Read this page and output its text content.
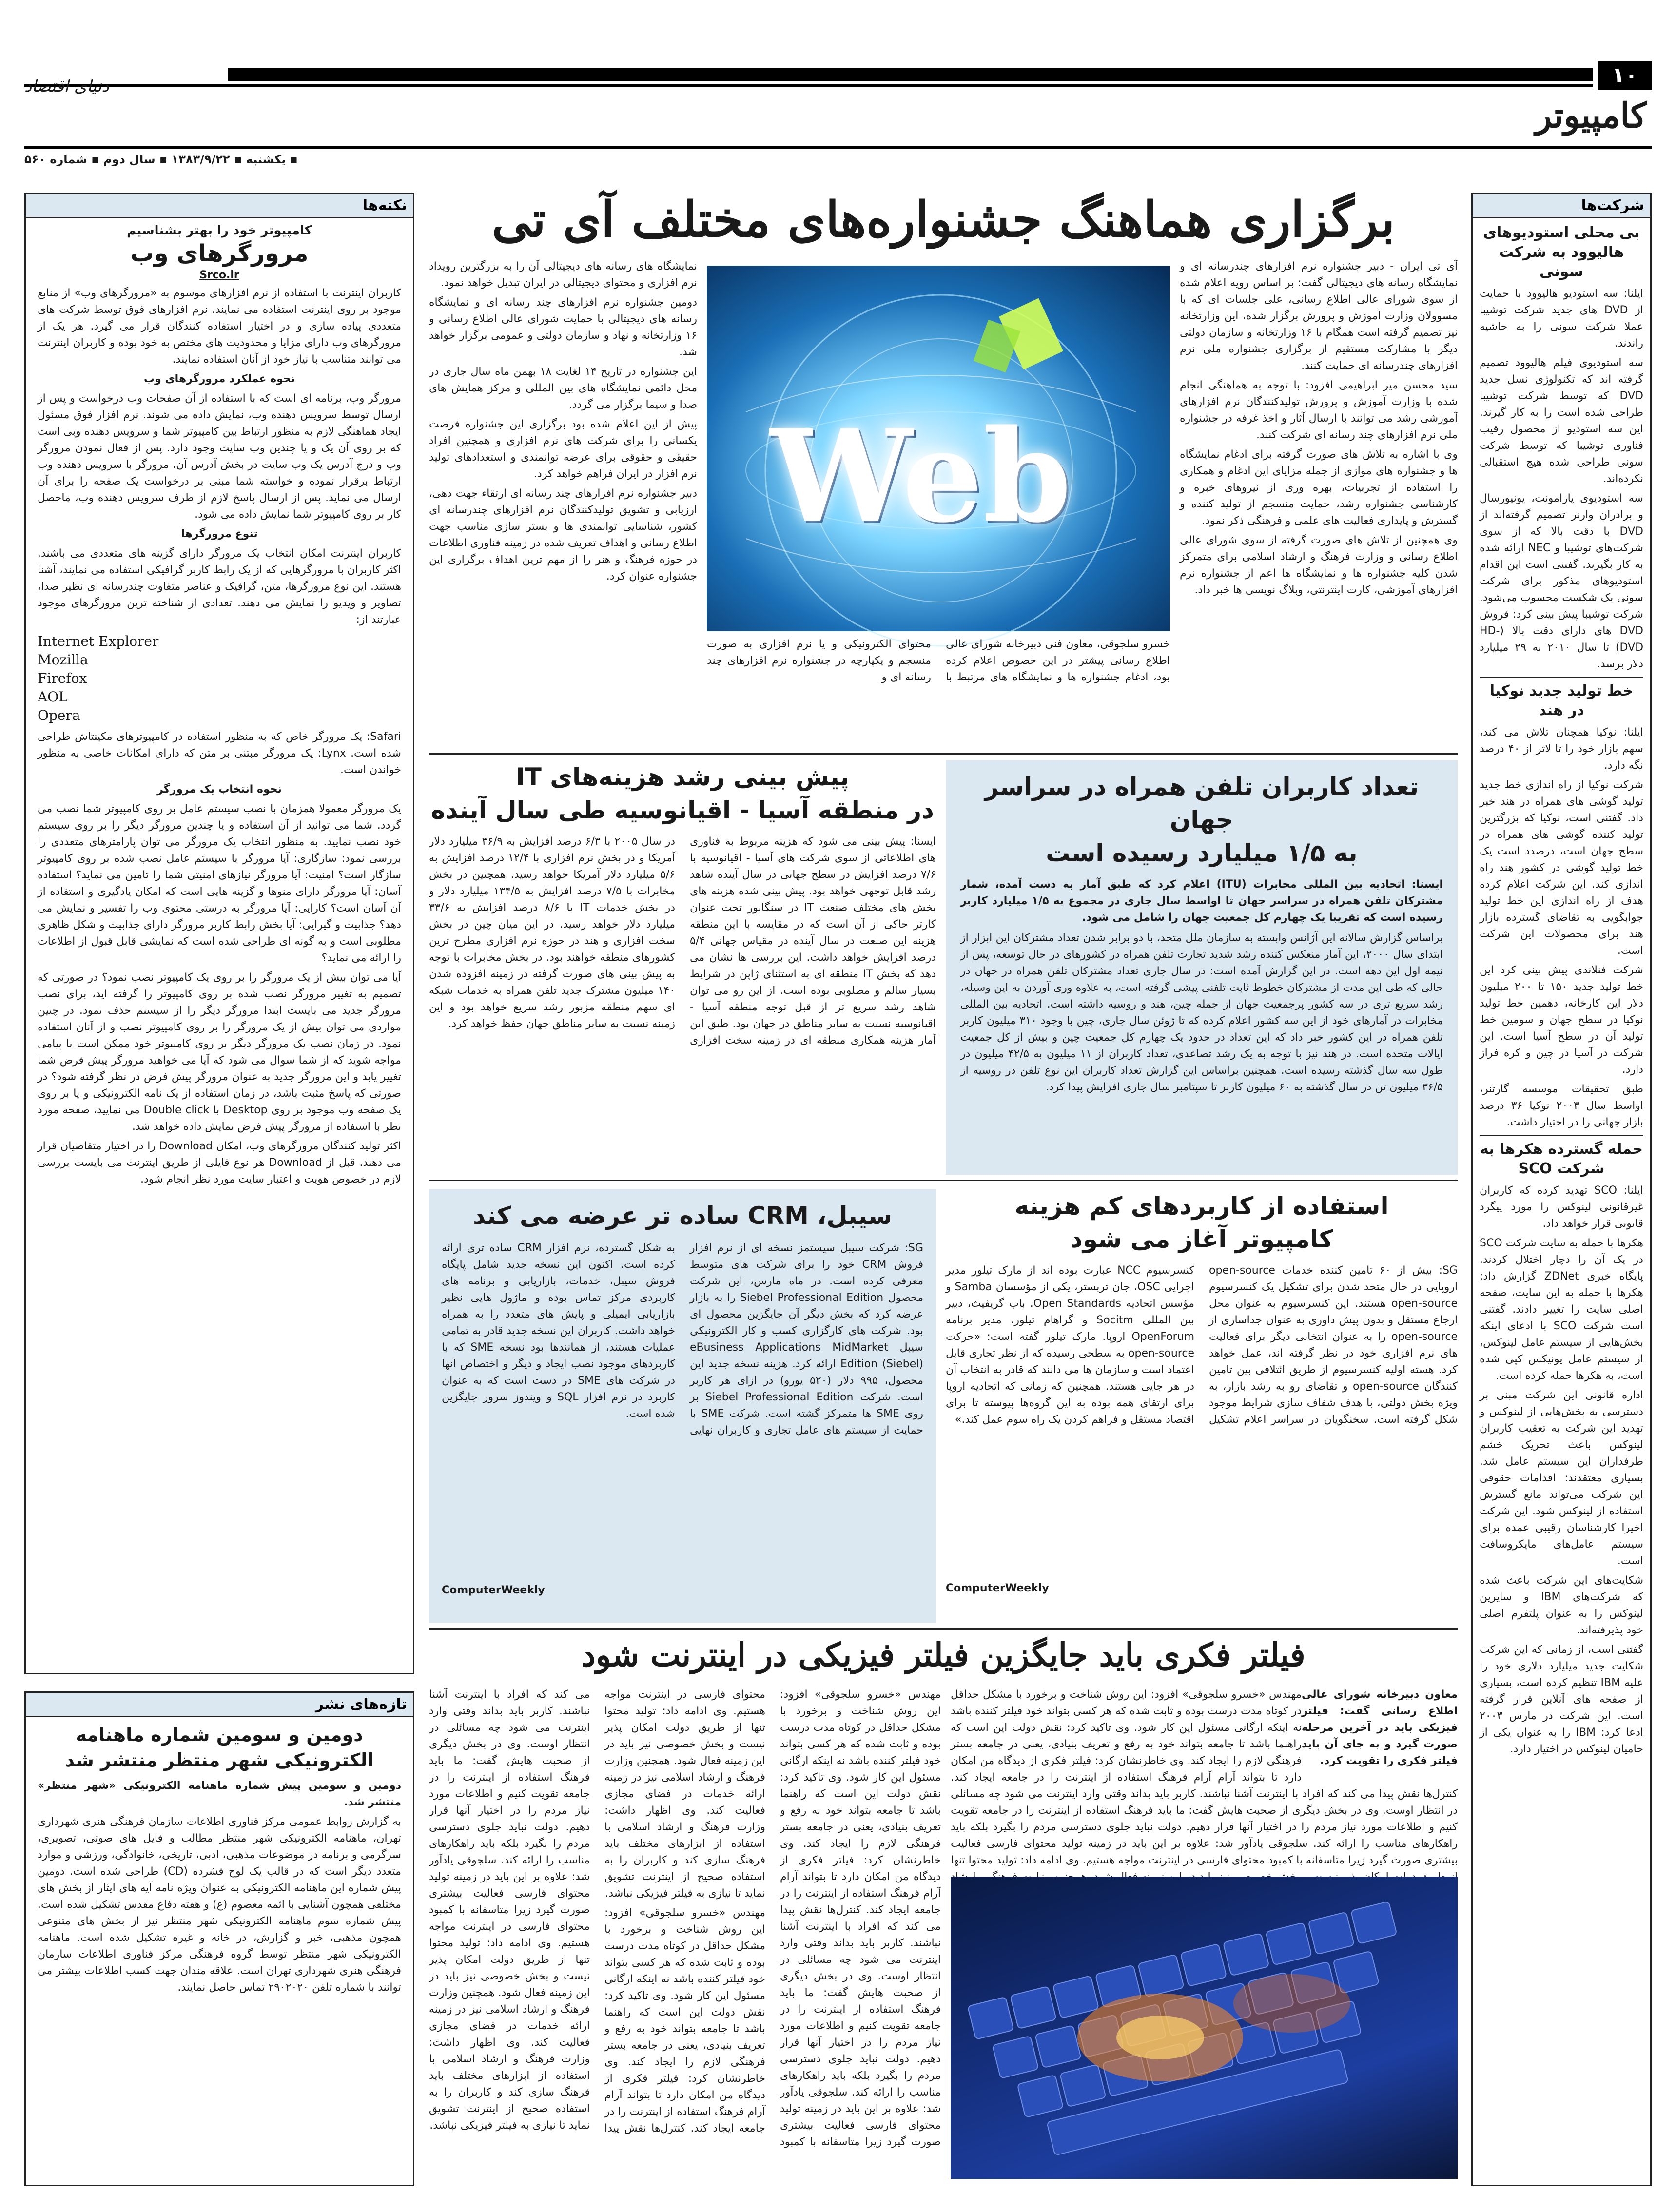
۱۰
کامپیوتر
دنیای اقتصاد
▪ یکشنبه ▪ ۱۳۸۳/۹/۲۲ ▪ سال دوم ▪ شماره ۵۶۰
شرکت‌ها
بی محلی استودیوهای هالیوود به شرکت سونی

ایلنا: سه استودیو هالیوود با حمایت از DVD های جدید شرکت توشیبا عملا شرکت سونی را به حاشیه راندند.

سه استودیوی فیلم هالیوود تصمیم گرفته اند که تکنولوژی نسل جدید DVD که توسط شرکت توشیبا طراحی شده است را به کار گیرند. این سه استودیو از محصول رقیب فناوری توشیبا که توسط شرکت سونی طراحی شده هیچ استقبالی نکرده‌اند.

سه استودیوی پارامونت، یونیورسال و برادران وارنر تصمیم گرفته‌اند از DVD با دقت بالا که از سوی شرکت‌های توشیبا و NEC ارائه شده به کار بگیرند. گفتنی است این اقدام استودیوهای مذکور برای شرکت سونی یک شکست محسوب می‌شود. شرکت توشیبا پیش بینی کرد: فروش DVD های دارای دقت بالا (HD-DVD) تا سال ۲۰۱۰ به ۲۹ میلیارد دلار برسد.

خط تولید جدید نوکیا در هند

ایلنا: نوکیا همچنان تلاش می کند، سهم بازار خود را تا لاتر از ۴۰ درصد نگه دارد.

شرکت نوکیا از راه اندازی خط جدید تولید گوشی های همراه در هند خبر داد. گفتنی است، نوکیا که بزرگترین تولید کننده گوشی های همراه در سطح جهان است، درصدد است یک خط تولید گوشی در کشور هند راه اندازی کند. این شرکت اعلام کرده هدف از راه اندازی این خط تولید جوابگویی به تقاضای گسترده بازار هند برای محصولات این شرکت است.

شرکت فنلاندی پیش بینی کرد این خط تولید جدید ۱۵۰ تا ۲۰۰ میلیون دلار این کارخانه، دهمین خط تولید نوکیا در سطح جهان و سومین خط تولید آن در سطح آسیا است. این شرکت در آسیا در چین و کره فراز دارد.

طبق تحقیقات موسسه گارتنر، اواسط سال ۲۰۰۳ نوکیا ۳۶ درصد بازار جهانی را در اختیار داشت.

حمله گسترده هکرها به شرکت SCO

ایلنا: SCO تهدید کرده که کاربران غیرقانونی لینوکس را مورد پیگرد قانونی قرار خواهد داد.

هکرها با حمله به سایت شرکت SCO در یک آن را دچار اختلال کردند. پایگاه خبری ZDNet گزارش داد: هکرها با حمله به این سایت، صفحه اصلی سایت را تغییر دادند. گفتنی است شرکت SCO با ادعای اینکه بخش‌هایی از سیستم عامل لینوکس، از سیستم عامل یونیکس کپی شده است، به هکرها حمله کرده است.

اداره قانونی این شرکت مبنی بر دسترسی به بخش‌هایی از لینوکس و تهدید این شرکت به تعقیب کاربران لینوکس باعث تحریک خشم طرفداران این سیستم عامل شد. بسیاری معتقدند: اقدامات حقوقی این شرکت می‌تواند مانع گسترش استفاده از لینوکس شود. این شرکت اخیرا کارشناسان رقیبی عمده برای سیستم عامل‌های مایکروسافت است.

شکایت‌های این شرکت باعث شده که شرکت‌های IBM و سایرین لینوکس را به عنوان پلتفرم اصلی خود پذیرفته‌اند.

گفتنی است، از زمانی که این شرکت شکایت جدید میلیارد دلاری خود را علیه IBM تنظیم کرده است، بسیاری از صفحه های آنلاین قرار گرفته است. این شرکت در مارس ۲۰۰۳ ادعا کرد: IBM را به عنوان یکی از حامیان لینوکس در اختیار دارد.

نکته‌ها
کامپیوتر خود را بهتر بشناسیم
مرورگرهای وب
Srco.ir

کاربران اینترنت با استفاده از نرم افزارهای موسوم به «مرورگرهای وب» از منابع موجود بر روی اینترنت استفاده می نمایند. نرم افزارهای فوق توسط شرکت های متعددی پیاده سازی و در اختیار استفاده کنندگان قرار می گیرد. هر یک از مرورگرهای وب دارای مزایا و محدودیت های مختص به خود بوده و کاربران اینترنت می توانند متناسب با نیاز خود از آنان استفاده نمایند.

نحوه عملکرد مرورگرهای وب

مرورگر وب، برنامه ای است که با استفاده از آن صفحات وب درخواست و پس از ارسال توسط سرویس دهنده وب، نمایش داده می شوند. نرم افزار فوق مسئول ایجاد هماهنگی لازم به منظور ارتباط بین کامپیوتر شما و سرویس دهنده وبی است که بر روی آن یک و یا چندین وب سایت وجود دارد. پس از فعال نمودن مرورگر وب و درج آدرس یک وب سایت در بخش آدرس آن، مرورگر با سرویس دهنده وب ارتباط برقرار نموده و خواسته شما مبنی بر درخواست یک صفحه را برای آن ارسال می نماید. پس از ارسال پاسخ لازم از طرف سرویس دهنده وب، ماحصل کار بر روی کامپیوتر شما نمایش داده می شود.

تنوع مرورگرها

کاربران اینترنت امکان انتخاب یک مرورگر دارای گزینه های متعددی می باشند. اکثر کاربران با مرورگرهایی که از یک رابط کاربر گرافیکی استفاده می نمایند، آشنا هستند. این نوع مرورگرها، متن، گرافیک و عناصر متفاوت چندرسانه ای نظیر صدا، تصاویر و ویدیو را نمایش می دهند. تعدادی از شناخته ترین مرورگرهای موجود عبارتند از:

Internet Explorer
Mozilla
Firefox
AOL
Opera

Safari: یک مرورگر خاص که به منظور استفاده در کامپیوترهای مکینتاش طراحی شده است. Lynx: یک مرورگر مبتنی بر متن که دارای امکانات خاصی به منظور خواندن است.

نحوه انتخاب یک مرورگر

یک مرورگر معمولا همزمان با نصب سیستم عامل بر روی کامپیوتر شما نصب می گردد. شما می توانید از آن استفاده و یا چندین مرورگر دیگر را بر روی سیستم خود نصب نمایید. به منظور انتخاب یک مرورگر می توان پارامترهای متعددی را بررسی نمود: سازگاری: آیا مرورگر با سیستم عامل نصب شده بر روی کامپیوتر سازگار است؟ امنیت: آیا مرورگر نیازهای امنیتی شما را تامین می نماید؟ استفاده آسان: آیا مرورگر دارای منوها و گزینه هایی است که امکان یادگیری و استفاده از آن آسان است؟ کارایی: آیا مرورگر به درستی محتوی وب را تفسیر و نمایش می دهد؟ جذابیت و گیرایی: آیا بخش رابط کاربر مرورگر دارای جذابیت و شکل ظاهری مطلوبی است و به گونه ای طراحی شده است که نمایشی قابل قبول از اطلاعات را ارائه می نماید؟

آیا می توان بیش از یک مرورگر را بر روی یک کامپیوتر نصب نمود؟ در صورتی که تصمیم به تغییر مرورگر نصب شده بر روی کامپیوتر را گرفته اید، برای نصب مرورگر جدید می بایست ابتدا مرورگر دیگر را از سیستم حذف نمود. در چنین مواردی می توان بیش از یک مرورگر را بر روی کامپیوتر نصب و از آنان استفاده نمود. در زمان نصب یک مرورگر دیگر بر روی کامپیوتر خود ممکن است با پیامی مواجه شوید که از شما سوال می شود که آیا می خواهید مرورگر پیش فرض شما تغییر یابد و این مرورگر جدید به عنوان مرورگر پیش فرض در نظر گرفته شود؟ در صورتی که پاسخ مثبت باشد، در زمان استفاده از یک نامه الکترونیکی و یا بر روی یک صفحه وب موجود بر روی Desktop با Double click می نمایید، صفحه مورد نظر با استفاده از مرورگر پیش فرض نمایش داده خواهد شد.

اکثر تولید کنندگان مرورگرهای وب، امکان Download را در اختیار متقاضیان قرار می دهند. قبل از Download هر نوع فایلی از طریق اینترنت می بایست بررسی لازم در خصوص هویت و اعتبار سایت مورد نظر انجام شود.

تازه‌های نشر
دومین و سومین شماره ماهنامه الکترونیکی شهر منتظر منتشر شد

دومین و سومین پیش شماره ماهنامه الکترونیکی «شهر منتظر» منتشر شد.

به گزارش روابط عمومی مرکز فناوری اطلاعات سازمان فرهنگی هنری شهرداری تهران، ماهنامه الکترونیکی شهر منتظر مطالب و فایل های صوتی، تصویری، سرگرمی و برنامه در موضوعات مذهبی، ادبی، تاریخی، خانوادگی، ورزشی و موارد متعدد دیگر است که در قالب یک لوح فشرده (CD) طراحی شده است. دومین پیش شماره این ماهنامه الکترونیکی به عنوان ویژه نامه آیه های ایثار از بخش های مختلفی همچون آشنایی با ائمه معصوم (ع) و هفته دفاع مقدس تشکیل شده است. پیش شماره سوم ماهنامه الکترونیکی شهر منتظر نیز از بخش های متنوعی همچون مذهبی، خبر و گزارش، در خانه و غیره تشکیل شده است. ماهنامه الکترونیکی شهر منتظر توسط گروه فرهنگی مرکز فناوری اطلاعات سازمان فرهنگی هنری شهرداری تهران است. علاقه مندان جهت کسب اطلاعات بیشتر می توانند با شماره تلفن ۲۹۰۲۰۲۰ تماس حاصل نمایند.

برگزاری هماهنگ جشنواره‌های مختلف آی تی

آی تی ایران - دبیر جشنواره نرم افزارهای چندرسانه ای و نمایشگاه رسانه های دیجیتالی گفت: بر اساس رویه اعلام شده از سوی شورای عالی اطلاع رسانی، علی جلسات ای که با مسوولان وزارت آموزش و پرورش برگزار شده، این وزارتخانه نیز تصمیم گرفته است همگام با ۱۶ وزارتخانه و سازمان دولتی دیگر با مشارکت مستقیم از برگزاری جشنواره ملی نرم افزارهای چندرسانه ای حمایت کنند.

سید محسن میر ابراهیمی افزود: با توجه به هماهنگی انجام شده با وزارت آموزش و پرورش تولیدکنندگان نرم افزارهای آموزشی رشد می توانند با ارسال آثار و اخذ غرفه در جشنواره ملی نرم افزارهای چند رسانه ای شرکت کنند.

وی با اشاره به تلاش های صورت گرفته برای ادغام نمایشگاه ها و جشنواره های موازی از جمله مزایای این ادغام و همکاری را استفاده از تجربیات، بهره وری از نیروهای خبره و کارشناسی جشنواره رشد، حمایت منسجم از تولید کننده و گسترش و پایداری فعالیت های علمی و فرهنگی ذکر نمود.

وی همچنین از تلاش های صورت گرفته از سوی شورای عالی اطلاع رسانی و وزارت فرهنگ و ارشاد اسلامی برای متمرکز شدن کلیه جشنواره ها و نمایشگاه ها اعم از جشنواره نرم افزارهای آموزشی، کارت اینترنتی، وبلاگ نویسی ها خبر داد.

Web

خسرو سلجوقی، معاون فنی دبیرخانه شورای عالی اطلاع رسانی پیشتر در این خصوص اعلام کرده بود، ادغام جشنواره ها و نمایشگاه های مرتبط با محتوای الکترونیکی و یا نرم افزاری به صورت منسجم و یکپارچه در جشنواره نرم افزارهای چند رسانه ای و

نمایشگاه های رسانه های دیجیتالی آن را به بزرگترین رویداد نرم افزاری و محتوای دیجیتالی در ایران تبدیل خواهد نمود.

دومین جشنواره نرم افزارهای چند رسانه ای و نمایشگاه رسانه های دیجیتالی با حمایت شورای عالی اطلاع رسانی و ۱۶ وزارتخانه و نهاد و سازمان دولتی و عمومی برگزار خواهد شد.

این جشنواره در تاریخ ۱۴ لغایت ۱۸ بهمن ماه سال جاری در محل دائمی نمایشگاه های بین المللی و مرکز همایش های صدا و سیما برگزار می گردد.

پیش از این اعلام شده بود برگزاری این جشنواره فرصت یکسانی را برای شرکت های نرم افزاری و همچنین افراد حقیقی و حقوقی برای عرضه توانمندی و استعدادهای تولید نرم افزار در ایران فراهم خواهد کرد.

دبیر جشنواره نرم افزارهای چند رسانه ای ارتقاء جهت دهی، ارزیابی و تشویق تولیدکنندگان نرم افزارهای چندرسانه ای کشور، شناسایی توانمندی ها و بستر سازی مناسب جهت اطلاع رسانی و اهداف تعریف شده در زمینه فناوری اطلاعات در حوزه فرهنگ و هنر را از مهم ترین اهداف برگزاری این جشنواره عنوان کرد.

تعداد کاربران تلفن همراه در سراسر جهان
به ۱/۵ میلیارد رسیده است

ایسنا: اتحادیه بین المللی مخابرات (ITU) اعلام کرد که طبق آمار به دست آمده، شمار مشترکان تلفن همراه در سراسر جهان تا اواسط سال جاری در مجموع به ۱/۵ میلیارد کاربر رسیده است که تقریبا یک چهارم کل جمعیت جهان را شامل می شود.

براساس گزارش سالانه این آژانس وابسته به سازمان ملل متحد، با دو برابر شدن تعداد مشترکان این ابزار از ابتدای سال ۲۰۰۰، این آمار منعکس کننده رشد شدید تجارت تلفن همراه در کشورهای در حال توسعه، پس از نیمه اول این دهه است. در این گزارش آمده است: در سال جاری تعداد مشترکان تلفن همراه در جهان در حالی که طی این مدت از مشترکان خطوط ثابت تلفنی پیشی گرفته است، به علاوه وری آوردن به این وسیله، رشد سریع تری در سه کشور پرجمعیت جهان از جمله چین، هند و روسیه داشته است. اتحادیه بین المللی مخابرات در آمارهای خود از این سه کشور اعلام کرده که تا ژوئن سال جاری، چین با وجود ۳۱۰ میلیون کاربر تلفن همراه در این کشور خبر داد که این تعداد در حدود یک چهارم کل جمعیت چین و بیش از کل جمعیت ایالات متحده است. در هند نیز با توجه به یک رشد تصاعدی، تعداد کاربران از ۱۱ میلیون به ۴۲/۵ میلیون در طول سه سال گذشته رسیده است. همچنین براساس این گزارش تعداد کاربران این نوع تلفن در روسیه از ۳۶/۵ میلیون تن در سال گذشته به ۶۰ میلیون کاربر تا سپتامبر سال جاری افزایش پیدا کرد.

پیش بینی رشد هزینه‌های IT
در منطقه آسیا - اقیانوسیه طی سال آینده

ایسنا: پیش بینی می شود که هزینه مربوط به فناوری های اطلاعاتی از سوی شرکت های آسیا - اقیانوسیه با ۷/۶ درصد افزایش در سطح جهانی در سال آینده شاهد رشد قابل توجهی خواهد بود. پیش بینی شده هزینه های بخش های مختلف صنعت IT در سنگاپور تحت عنوان کارتر حاکی از آن است که در مقایسه با این منطقه هزینه این صنعت در سال آینده در مقیاس جهانی ۵/۴ درصد افزایش خواهد داشت. این بررسی ها نشان می دهد که بخش IT منطقه ای به استثنای ژاپن در شرایط بسیار سالم و مطلوبی بوده است. از این رو می توان شاهد رشد سریع تر از قبل توجه منطقه آسیا - اقیانوسیه نسبت به سایر مناطق در جهان بود. طبق این آمار هزینه همکاری منطقه ای در زمینه سخت افزاری در سال ۲۰۰۵ با ۶/۳ درصد افزایش به ۳۶/۹ میلیارد دلار آمریکا و در بخش نرم افزاری با ۱۲/۴ درصد افزایش به ۵/۶ میلیارد دلار آمریکا خواهد رسید. همچنین در بخش مخابرات با ۷/۵ درصد افزایش به ۱۳۴/۵ میلیارد دلار و در بخش خدمات IT با ۸/۶ درصد افزایش به ۳۳/۶ میلیارد دلار خواهد رسید. در این میان چین در بخش سخت افزاری و هند در حوزه نرم افزاری مطرح ترین کشورهای منطقه خواهند بود. در بخش مخابرات با توجه به پیش بینی های صورت گرفته در زمینه افزوده شدن ۱۴۰ میلیون مشترک جدید تلفن همراه به خدمات شبکه ای سهم منطقه مزبور رشد سریع خواهد بود و این زمینه نسبت به سایر مناطق جهان حفظ خواهد کرد.

استفاده از کاربردهای کم هزینه
کامپیوتر آغاز می شود

SG: بیش از ۶۰ تامین کننده خدمات open-source اروپایی در حال متحد شدن برای تشکیل یک کنسرسیوم open-source هستند. این کنسرسیوم به عنوان محل ارجاع مستقل و بدون پیش داوری به عنوان جداسازی از open-source را به عنوان انتخابی دیگر برای فعالیت های نرم افزاری خود در نظر گرفته اند، عمل خواهد کرد. هسته اولیه کنسرسیوم از طریق ائتلافی بین تامین کنندگان open-source و تقاضای رو به رشد بازار، به ویژه بخش دولتی، با هدف شفاف سازی شرایط موجود شکل گرفته است. سخنگویان در سراسر اعلام تشکیل کنسرسیوم NCC عبارت بوده اند از مارک تیلور مدیر اجرایی OSC، جان تربستر، یکی از مؤسسان Samba و مؤسس اتحادیه Open Standards. باب گریفیث، دبیر بین المللی Socitm و گراهام تیلور، مدیر برنامه OpenForum اروپا. مارک تیلور گفته است: «حرکت open-source به سطحی رسیده که از نظر تجاری قابل اعتماد است و سازمان ها می دانند که قادر به انتخاب آن در هر جایی هستند. همچنین که زمانی که اتحادیه اروپا برای ارتقای همه بوده به این گروه‌ها پیوسته تا برای اقتصاد مستقل و فراهم کردن یک راه سوم عمل کند.»

ComputerWeekly
سیبل، CRM ساده تر عرضه می کند

SG: شرکت سیبل سیستمز نسخه ای از نرم افزار فروش CRM خود را برای شرکت های متوسط معرفی کرده است. در ماه مارس، این شرکت محصول Siebel Professional Edition را به بازار عرضه کرد که بخش دیگر آن جایگزین محصول ای بود. شرکت های کارگزاری کسب و کار الکترونیکی سیبل eBusiness Applications MidMarket Edition (Siebel) ارائه کرد. هزینه نسخه جدید این محصول، ۹۹۵ دلار (۵۲۰ یورو) در ازای هر کاربر است. شرکت Siebel Professional Edition بر روی SME ها متمرکز گشته است. شرکت SME با حمایت از سیستم های عامل تجاری و کاربران نهایی به شکل گسترده، نرم افزار CRM ساده تری ارائه کرده است. اکنون این نسخه جدید شامل پایگاه فروش سیبل، خدمات، بازاریابی و برنامه های کاربردی مرکز تماس بوده و ماژول هایی نظیر بازاریابی ایمیلی و پایش های متعدد را به همراه خواهد داشت. کاربران این نسخه جدید قادر به تمامی عملیات هستند، از همانندها بود نسخه SME که با کاربردهای موجود نصب ایجاد و دیگر و اختصاص آنها در شرکت های SME در دست است که به عنوان کاربرد در نرم افزار SQL و ویندوز سرور جایگزین شده است.

ComputerWeekly
فیلتر فکری باید جایگزین فیلتر فیزیکی در اینترنت شود

معاون دبیرخانه شورای عالی اطلاع رسانی گفت: فیلتر فیزیکی باید در آخرین مرحله صورت گیرد و به جای آن باید فیلتر فکری را تقویت کرد.

مهندس «خسرو سلجوقی» افزود: این روش شناخت و برخورد با مشکل حداقل در کوتاه مدت درست بوده و ثابت شده که هر کسی بتواند خود فیلتر کننده باشد نه اینکه ارگانی مسئول این کار شود. وی تاکید کرد: نقش دولت این است که راهنما باشد تا جامعه بتواند خود به رفع و تعریف بنیادی، یعنی در جامعه بستر فرهنگی لازم را ایجاد کند. وی خاطرنشان کرد: فیلتر فکری از دیدگاه من امکان دارد تا بتواند آرام آرام فرهنگ استفاده از اینترنت را در جامعه ایجاد کند. کنترل‌ها نقش پیدا می کند که افراد با اینترنت آشنا نباشند. کاربر باید بداند وقتی وارد اینترنت می شود چه مسائلی در انتظار اوست. وی در بخش دیگری از صحبت هایش گفت: ما باید فرهنگ استفاده از اینترنت را در جامعه تقویت کنیم و اطلاعات مورد نیاز مردم را در اختیار آنها قرار دهیم. دولت نباید جلوی دسترسی مردم را بگیرد بلکه باید راهکارهای مناسب را ارائه کند. سلجوقی یادآور شد: علاوه بر این باید در زمینه تولید محتوای فارسی فعالیت بیشتری صورت گیرد زیرا متاسفانه با کمبود محتوای فارسی در اینترنت مواجه هستیم. وی ادامه داد: تولید محتوا تنها

مهندس «خسرو سلجوقی» افزود: این روش شناخت و برخورد با مشکل حداقل در کوتاه مدت درست بوده و ثابت شده که هر کسی بتواند خود فیلتر کننده باشد نه اینکه ارگانی مسئول این کار شود. وی تاکید کرد: نقش دولت این است که راهنما باشد تا جامعه بتواند خود به رفع و تعریف بنیادی، یعنی در جامعه بستر فرهنگی لازم را ایجاد کند. وی خاطرنشان کرد: فیلتر فکری از دیدگاه من امکان دارد تا بتواند آرام آرام فرهنگ استفاده از اینترنت را در جامعه ایجاد کند. کنترل‌ها نقش پیدا می کند که افراد با اینترنت آشنا نباشند. کاربر باید بداند وقتی وارد اینترنت می شود چه مسائلی در انتظار اوست. وی در بخش دیگری از صحبت هایش گفت: ما باید فرهنگ استفاده از اینترنت را در جامعه تقویت کنیم و اطلاعات مورد نیاز مردم را در اختیار آنها قرار دهیم. دولت نباید جلوی دسترسی مردم را بگیرد بلکه باید راهکارهای مناسب را ارائه کند. سلجوقی یادآور شد: علاوه بر این باید در زمینه تولید محتوای فارسی فعالیت بیشتری صورت گیرد زیرا متاسفانه با کمبود محتوای فارسی در اینترنت مواجه هستیم. وی ادامه داد: تولید محتوا تنها از طریق دولت امکان پذیر نیست و بخش خصوصی نیز باید در این زمینه فعال شود. همچنین وزارت فرهنگ و ارشاد اسلامی نیز در زمینه ارائه خدمات در فضای مجازی فعالیت کند. وی اظهار داشت: وزارت فرهنگ و ارشاد اسلامی با استفاده از ابزارهای مختلف باید فرهنگ سازی کند و کاربران را به استفاده صحیح از اینترنت تشویق نماید تا نیازی به فیلتر فیزیکی نباشد.

مهندس «خسرو سلجوقی» افزود: این روش شناخت و برخورد با مشکل حداقل در کوتاه مدت درست بوده و ثابت شده که هر کسی بتواند خود فیلتر کننده باشد نه اینکه ارگانی مسئول این کار شود. وی تاکید کرد: نقش دولت این است که راهنما باشد تا جامعه بتواند خود به رفع و تعریف بنیادی، یعنی در جامعه بستر فرهنگی لازم را ایجاد کند. وی خاطرنشان کرد: فیلتر فکری از دیدگاه من امکان دارد تا بتواند آرام آرام فرهنگ استفاده از اینترنت را در جامعه ایجاد کند. کنترل‌ها نقش پیدا می کند که افراد با اینترنت آشنا نباشند. کاربر باید بداند وقتی وارد اینترنت می شود چه مسائلی در انتظار اوست. وی در بخش دیگری از صحبت هایش گفت: ما باید فرهنگ استفاده از اینترنت را در جامعه تقویت کنیم و اطلاعات مورد نیاز مردم را در اختیار آنها قرار دهیم. دولت نباید جلوی دسترسی مردم را بگیرد بلکه باید راهکارهای مناسب را ارائه کند. سلجوقی یادآور شد: علاوه بر این باید در زمینه تولید محتوای فارسی فعالیت بیشتری صورت گیرد زیرا متاسفانه با کمبود محتوای فارسی در اینترنت مواجه هستیم. وی ادامه داد: تولید محتوا تنها از طریق دولت امکان پذیر نیست و بخش خصوصی نیز باید در این زمینه فعال شود. همچنین وزارت فرهنگ و ارشاد اسلامی نیز در زمینه ارائه خدمات در فضای مجازی فعالیت کند. وی اظهار داشت: وزارت فرهنگ و ارشاد اسلامی با استفاده از ابزارهای مختلف باید فرهنگ سازی کند و کاربران را به استفاده صحیح از اینترنت تشویق نماید تا نیازی به فیلتر فیزیکی نباشد.
